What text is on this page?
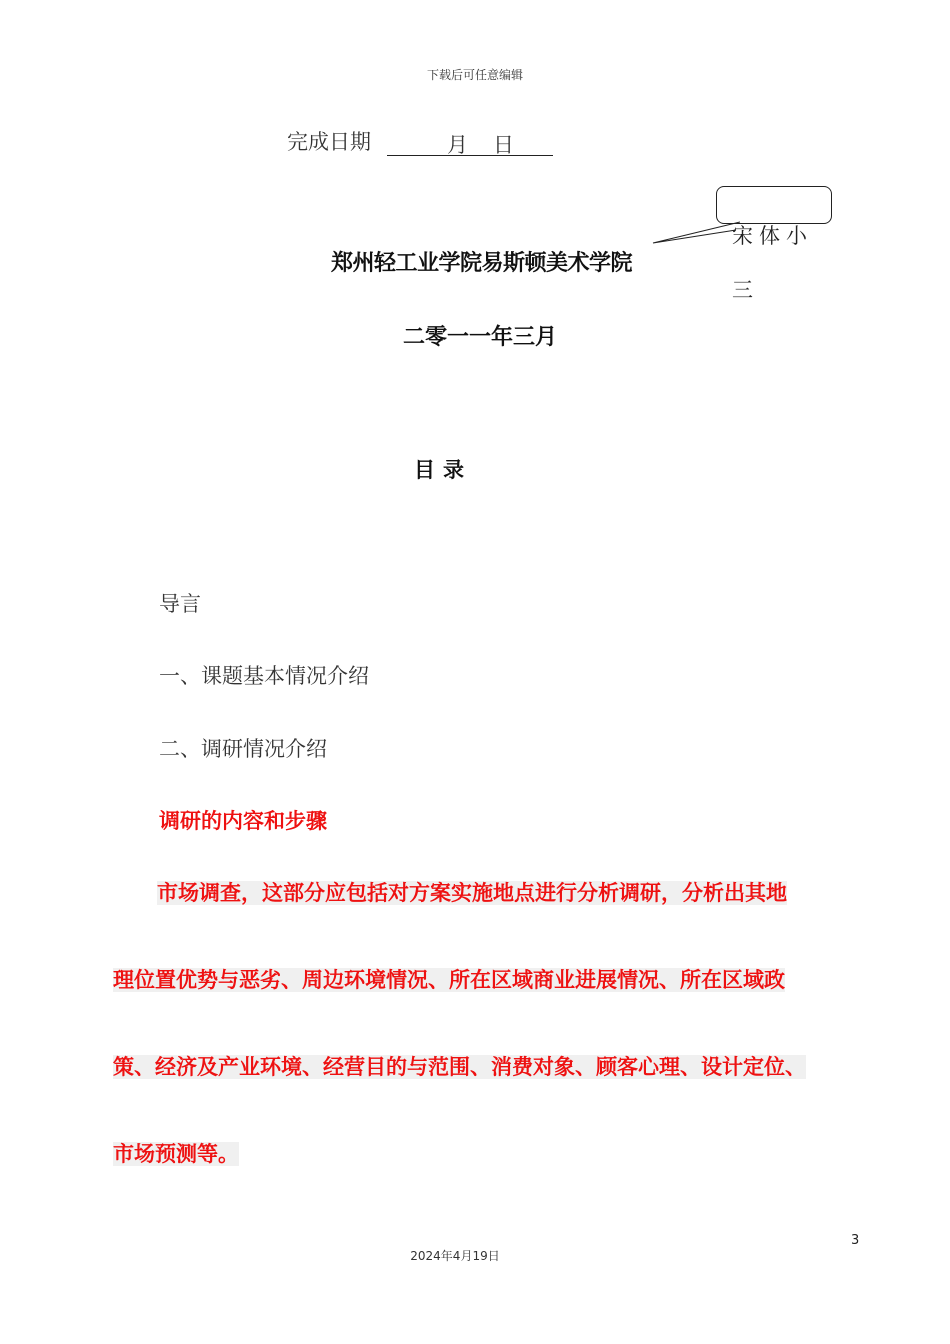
下载后可任意编辑
完成日期	月 日
宋体小
三
郑州轻工业学院易斯顿美术学院
二零一一年三月
目录
导言
一、课题基本情况介绍
二、调研情况介绍
调研的内容和步骤
市场调查，这部分应包括对方案实施地点进行分析调研，分析出其地
理位置优势与恶劣、周边环境情况、所在区域商业进展情况、所在区域政
策、经济及产业环境、经营目的与范围、消费对象、顾客心理、设计定位、
市场预测等。
3
2024年4月19日
